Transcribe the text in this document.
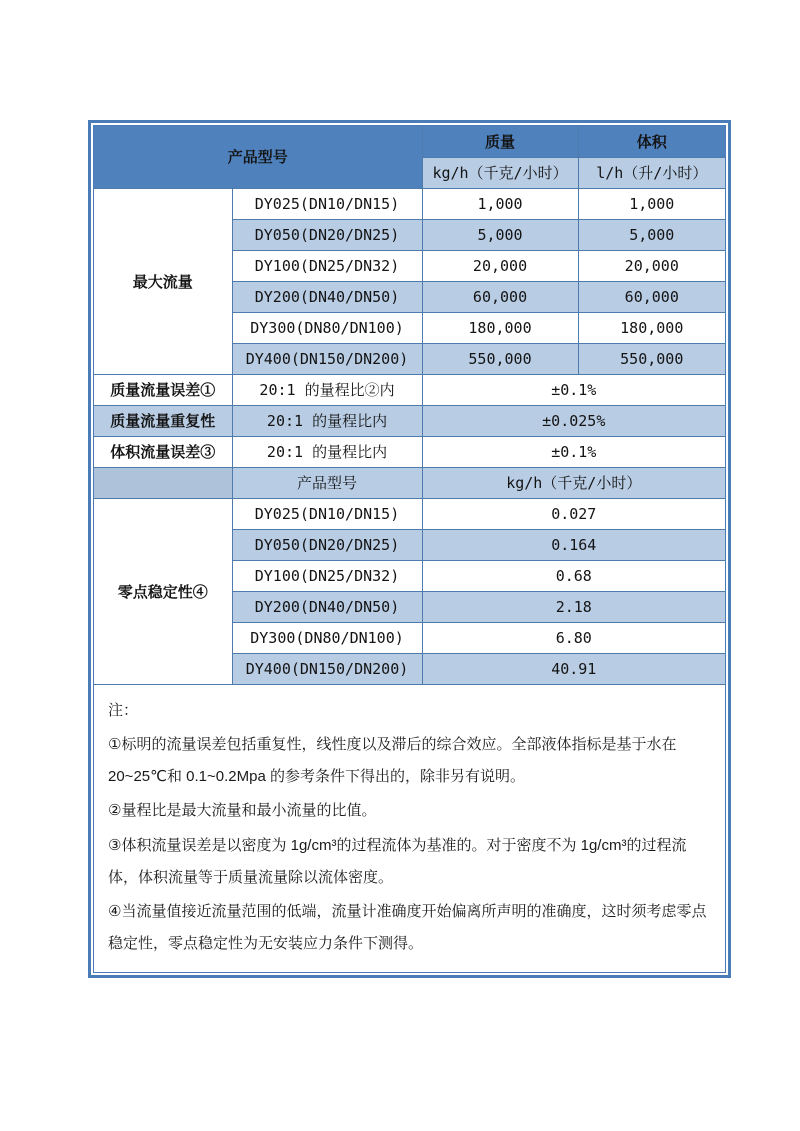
产品型号		质量	体积
		kg/h（千克/小时）	l/h（升/小时）
最大流量	DY025(DN10/DN15)	1,000	1,000
	DY050(DN20/DN25)	5,000	5,000
	DY100(DN25/DN32)	20,000	20,000
	DY200(DN40/DN50)	60,000	60,000
	DY300(DN80/DN100)	180,000	180,000
	DY400(DN150/DN200)	550,000	550,000
质量流量误差①	20:1 的量程比②内	±0.1%	
质量流量重复性	20:1 的量程比内	±0.025%	
体积流量误差③	20:1 的量程比内	±0.1%	
	产品型号	kg/h（千克/小时）	
零点稳定性④	DY025(DN10/DN15)	0.027	
	DY050(DN20/DN25)	0.164	
	DY100(DN25/DN32)	0.68	
	DY200(DN40/DN50)	2.18	
	DY300(DN80/DN100)	6.80	
	DY400(DN150/DN200)	40.91	

注：

①标明的流量误差包括重复性，线性度以及滞后的综合效应。全部液体指标是基于水在20~25℃和 0.1~0.2Mpa 的参考条件下得出的，除非另有说明。

②量程比是最大流量和最小流量的比值。

③体积流量误差是以密度为 1g/cm³的过程流体为基准的。对于密度不为 1g/cm³的过程流体，体积流量等于质量流量除以流体密度。

④当流量值接近流量范围的低端，流量计准确度开始偏离所声明的准确度，这时须考虑零点稳定性，零点稳定性为无安装应力条件下测得。
